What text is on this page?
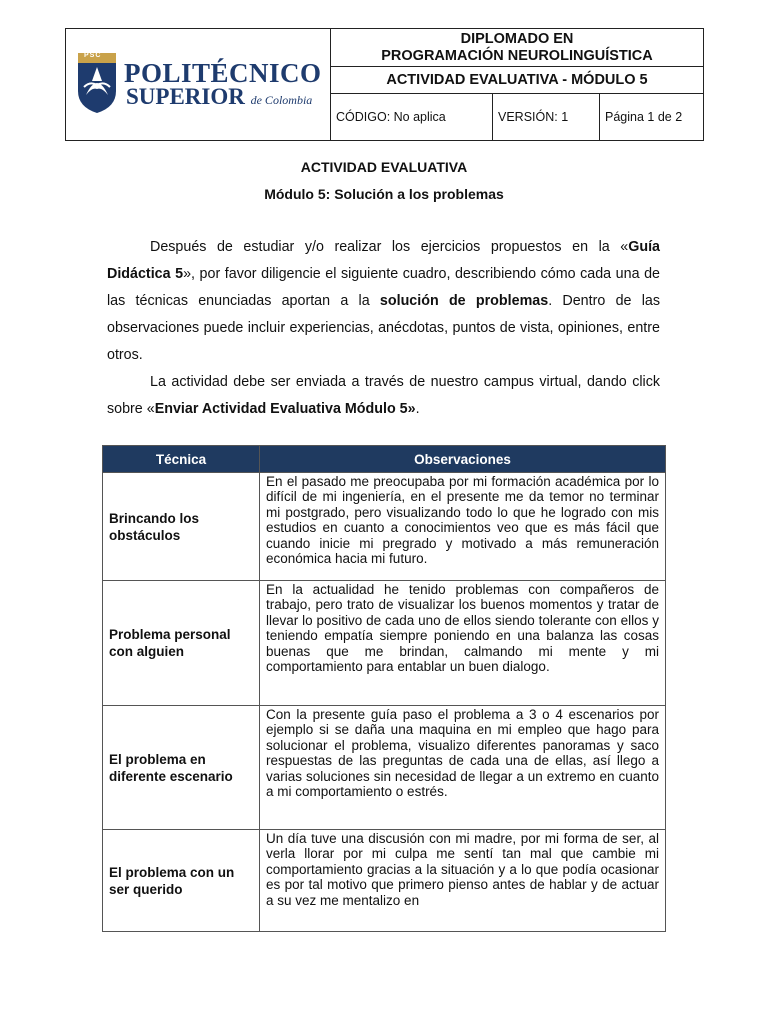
PSC
POLITÉCNICO
SUPERIOR de Colombia
DIPLOMADO EN
PROGRAMACIÓN NEUROLINGUÍSTICA
ACTIVIDAD EVALUATIVA - MÓDULO 5
CÓDIGO: No aplica	VERSIÓN: 1	Página 1 de 2
ACTIVIDAD EVALUATIVA
Módulo 5: Solución a los problemas

Después de estudiar y/o realizar los ejercicios propuestos en la «Guía Didáctica 5», por favor diligencie el siguiente cuadro, describiendo cómo cada una de las técnicas enunciadas aportan a la solución de problemas. Dentro de las observaciones puede incluir experiencias, anécdotas, puntos de vista, opiniones, entre otros.

La actividad debe ser enviada a través de nuestro campus virtual, dando click sobre «Enviar Actividad Evaluativa Módulo 5».

Técnica	Observaciones
Brincando los obstáculos	En el pasado me preocupaba por mi formación académica por lo difícil de mi ingeniería, en el presente me da temor no terminar mi postgrado, pero visualizando todo lo que he logrado con mis estudios en cuanto a conocimientos veo que es más fácil que cuando inicie mi pregrado y motivado a más remuneración económica hacia mi futuro.
Problema personal con alguien	En la actualidad he tenido problemas con compañeros de trabajo, pero trato de visualizar los buenos momentos y tratar de llevar lo positivo de cada uno de ellos siendo tolerante con ellos y teniendo empatía siempre poniendo en una balanza las cosas buenas que me brindan, calmando mi mente y mi comportamiento para entablar un buen dialogo.
El problema en diferente escenario	Con la presente guía paso el problema a 3 o 4 escenarios por ejemplo si se daña una maquina en mi empleo que hago para solucionar el problema, visualizo diferentes panoramas y saco respuestas de las preguntas de cada una de ellas, así llego a varias soluciones sin necesidad de llegar a un extremo en cuanto a mi comportamiento o estrés.
El problema con un ser querido	Un día tuve una discusión con mi madre, por mi forma de ser, al verla llorar por mi culpa me sentí tan mal que cambie mi comportamiento gracias a la situación y a lo que podía ocasionar es por tal motivo que primero pienso antes de hablar y de actuar a su vez me mentalizo en
